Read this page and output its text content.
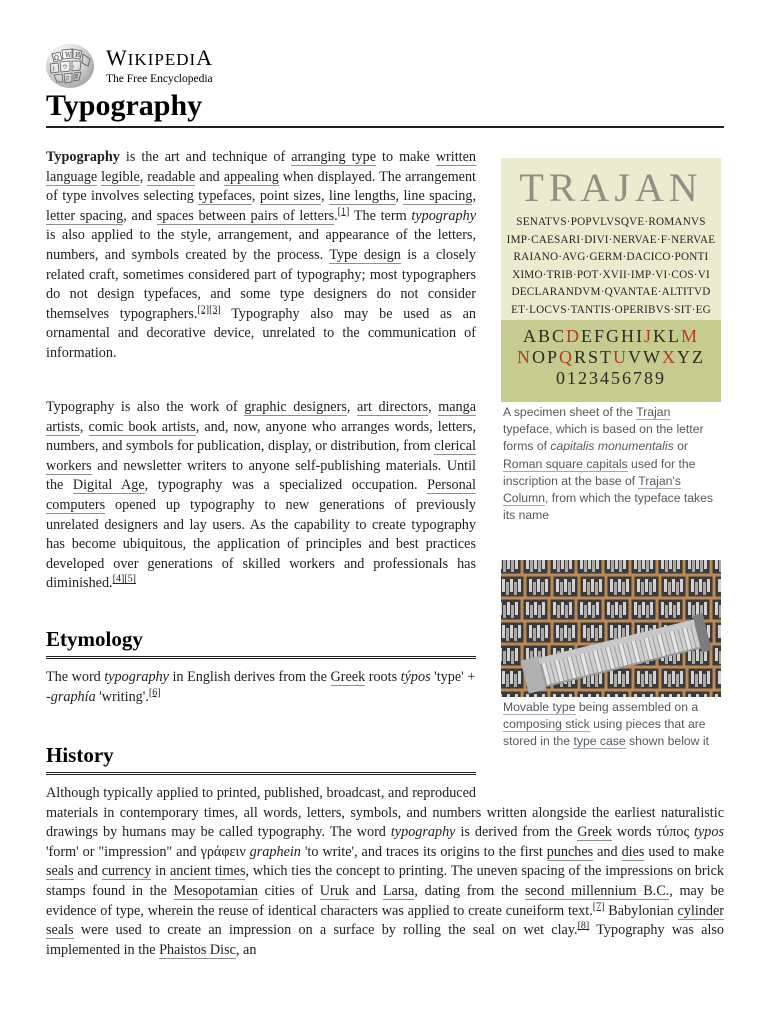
Ω W И
ウ ו
ا
ק इ
WIKIPEDIA
The Free Encyclopedia
Typography

Typography is the art and technique of arranging type to make written language legible, readable and appealing when displayed. The arrangement of type involves selecting typefaces, point sizes, line lengths, line spacing, letter spacing, and spaces between pairs of letters.[1] The term typography is also applied to the style, arrangement, and appearance of the letters, numbers, and symbols created by the process. Type design is a closely related craft, sometimes considered part of typography; most typographers do not design typefaces, and some type designers do not consider themselves typographers.[2][3] Typography also may be used as an ornamental and decorative device, unrelated to the communication of information.

Typography is also the work of graphic designers, art directors, manga artists, comic book artists, and, now, anyone who arranges words, letters, numbers, and symbols for publication, display, or distribution, from clerical workers and newsletter writers to anyone self-publishing materials. Until the Digital Age, typography was a specialized occupation. Personal computers opened up typography to new generations of previously unrelated designers and lay users. As the capability to create typography has become ubiquitous, the application of principles and best practices developed over generations of skilled workers and professionals has diminished.[4][5]

Etymology

The word typography in English derives from the Greek roots týpos 'type' + -graphía 'writing'.[6]

History

Although typically applied to printed, published, broadcast, and reproduced materials in contemporary times, all words, letters, symbols, and numbers written alongside the earliest naturalistic drawings by humans may be called typography. The word typography is derived from the Greek words τύπος typos 'form' or "impression" and γράφειν graphein 'to write', and traces its origins to the first punches and dies used to make seals and currency in ancient times, which ties the concept to printing. The uneven spacing of the impressions on brick stamps found in the Mesopotamian cities of Uruk and Larsa, dating from the second millennium B.C., may be evidence of type, wherein the reuse of identical characters was applied to create cuneiform text.[7] Babylonian cylinder seals were used to create an impression on a surface by rolling the seal on wet clay.[8] Typography was also implemented in the Phaistos Disc, an

TRAJAN
SENATVS·POPVLVSQVE·ROMANVS
IMP·CAESARI·DIVI·NERVAE·F·NERVAE
RAIANO·AVG·GERM·DACICO·PONTI
XIMO·TRIB·POT·XVII·IMP·VI·COS·VI
DECLARANDVM·QVANTAE·ALTITVD
ET·LOCVS·TANTIS·OPERIBVS·SIT·EG
ABCDEFGHIJKLM
NOPQRSTUVWXYZ
0123456789
A specimen sheet of the Trajan typeface, which is based on the letter forms of capitalis monumentalis or Roman square capitals used for the inscription at the base of Trajan's Column, from which the typeface takes its name
Movable type being assembled on a composing stick using pieces that are stored in the type case shown below it
